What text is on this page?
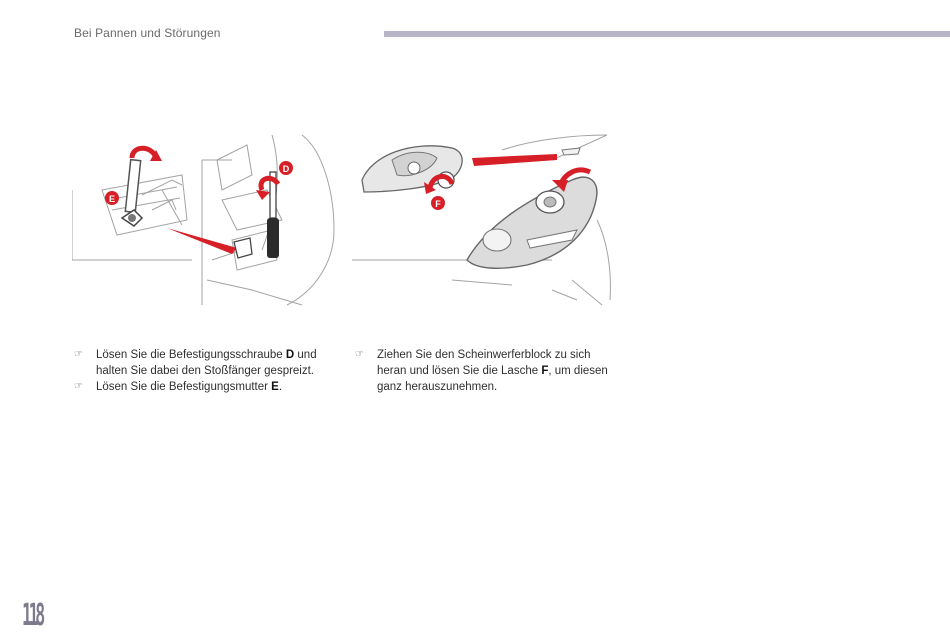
Bei Pannen und Störungen
E
D
F
☞	Lösen Sie die Befestigungsschraube D und halten Sie dabei den Stoßfänger gespreizt.
☞	Lösen Sie die Befestigungsmutter E.
☞	Ziehen Sie den Scheinwerferblock zu sich heran und lösen Sie die Lasche F, um diesen ganz herauszunehmen.
118
